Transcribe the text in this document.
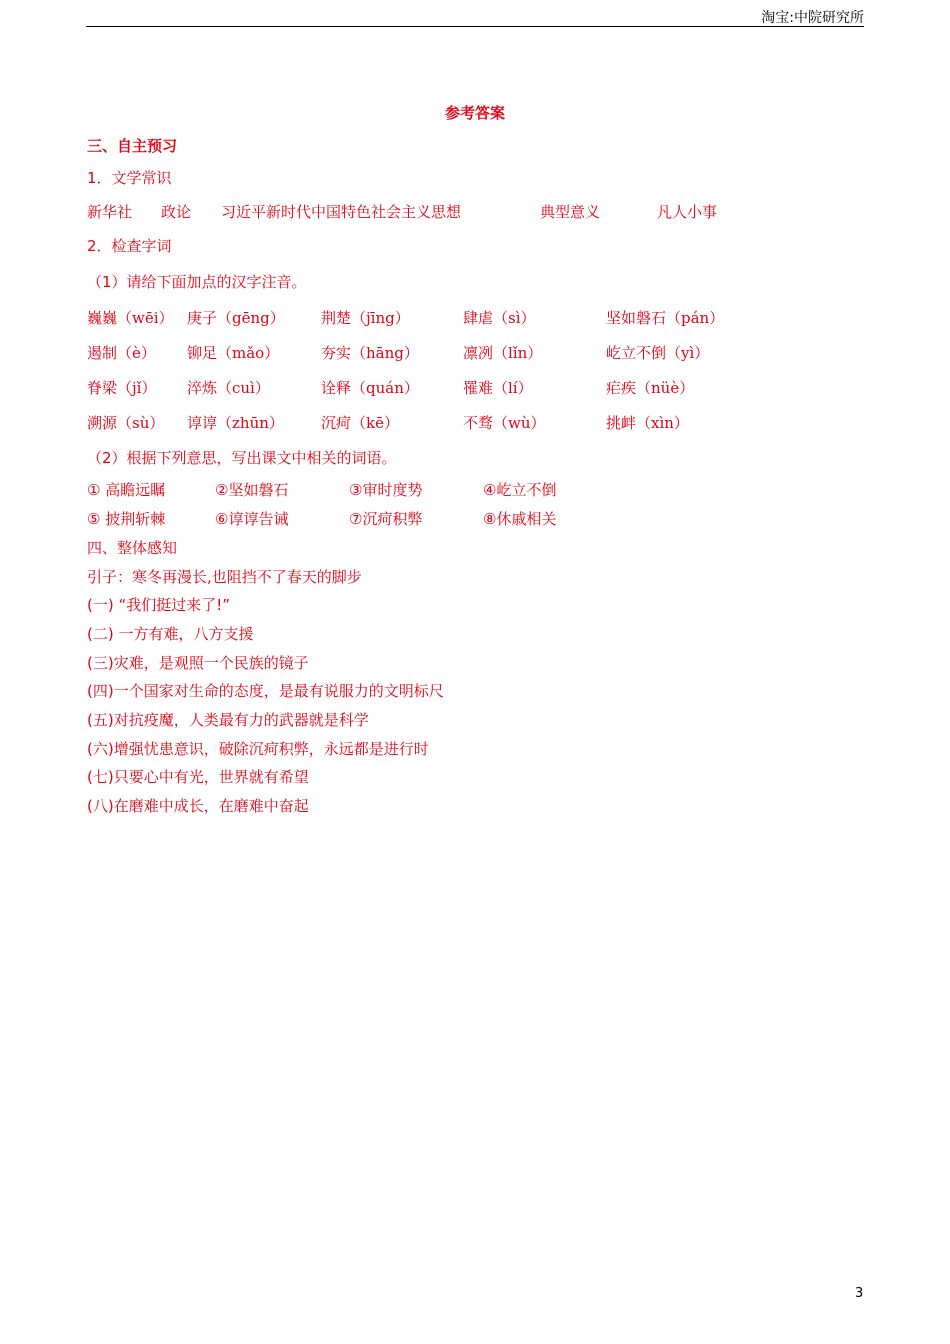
淘宝:中院研究所
参考答案
三、自主预习
1．文学常识
新华社 政论 习近平新时代中国特色社会主义思想	典型意义	凡人小事
2．检查字词
（1）请给下面加点的汉字注音。
巍巍（wēi） 庚子（gēng） 荆楚（jīng）	肆虐（sì）	坚如磐石（pán）
遏制（è） 铆足（mǎo）	夯实（hāng）	凛冽（lǐn）	屹立不倒（yì）
脊梁（jǐ） 淬炼（cuì）	诠释（quán）	罹难（lí）	疟疾（nüè）
溯源（sù） 谆谆（zhūn） 沉疴（kē）	不骛（wù）	挑衅（xìn）
（2）根据下列意思，写出课文中相关的词语。
① 高瞻远瞩	②坚如磐石	③审时度势	④屹立不倒
⑤ 披荆斩棘	⑥谆谆告诫	⑦沉疴积弊	⑧休戚相关
四、整体感知
引子：寒冬再漫长,也阻挡不了春天的脚步
(一) “我们挺过来了!”
(二) 一方有难，八方支援
(三)灾难，是观照一个民族的镜子
(四)一个国家对生命的态度，是最有说服力的文明标尺
(五)对抗疫魔，人类最有力的武器就是科学
(六)增强忧患意识，破除沉疴积弊，永远都是进行时
(七)只要心中有光，世界就有希望
(八)在磨难中成长，在磨难中奋起
3
